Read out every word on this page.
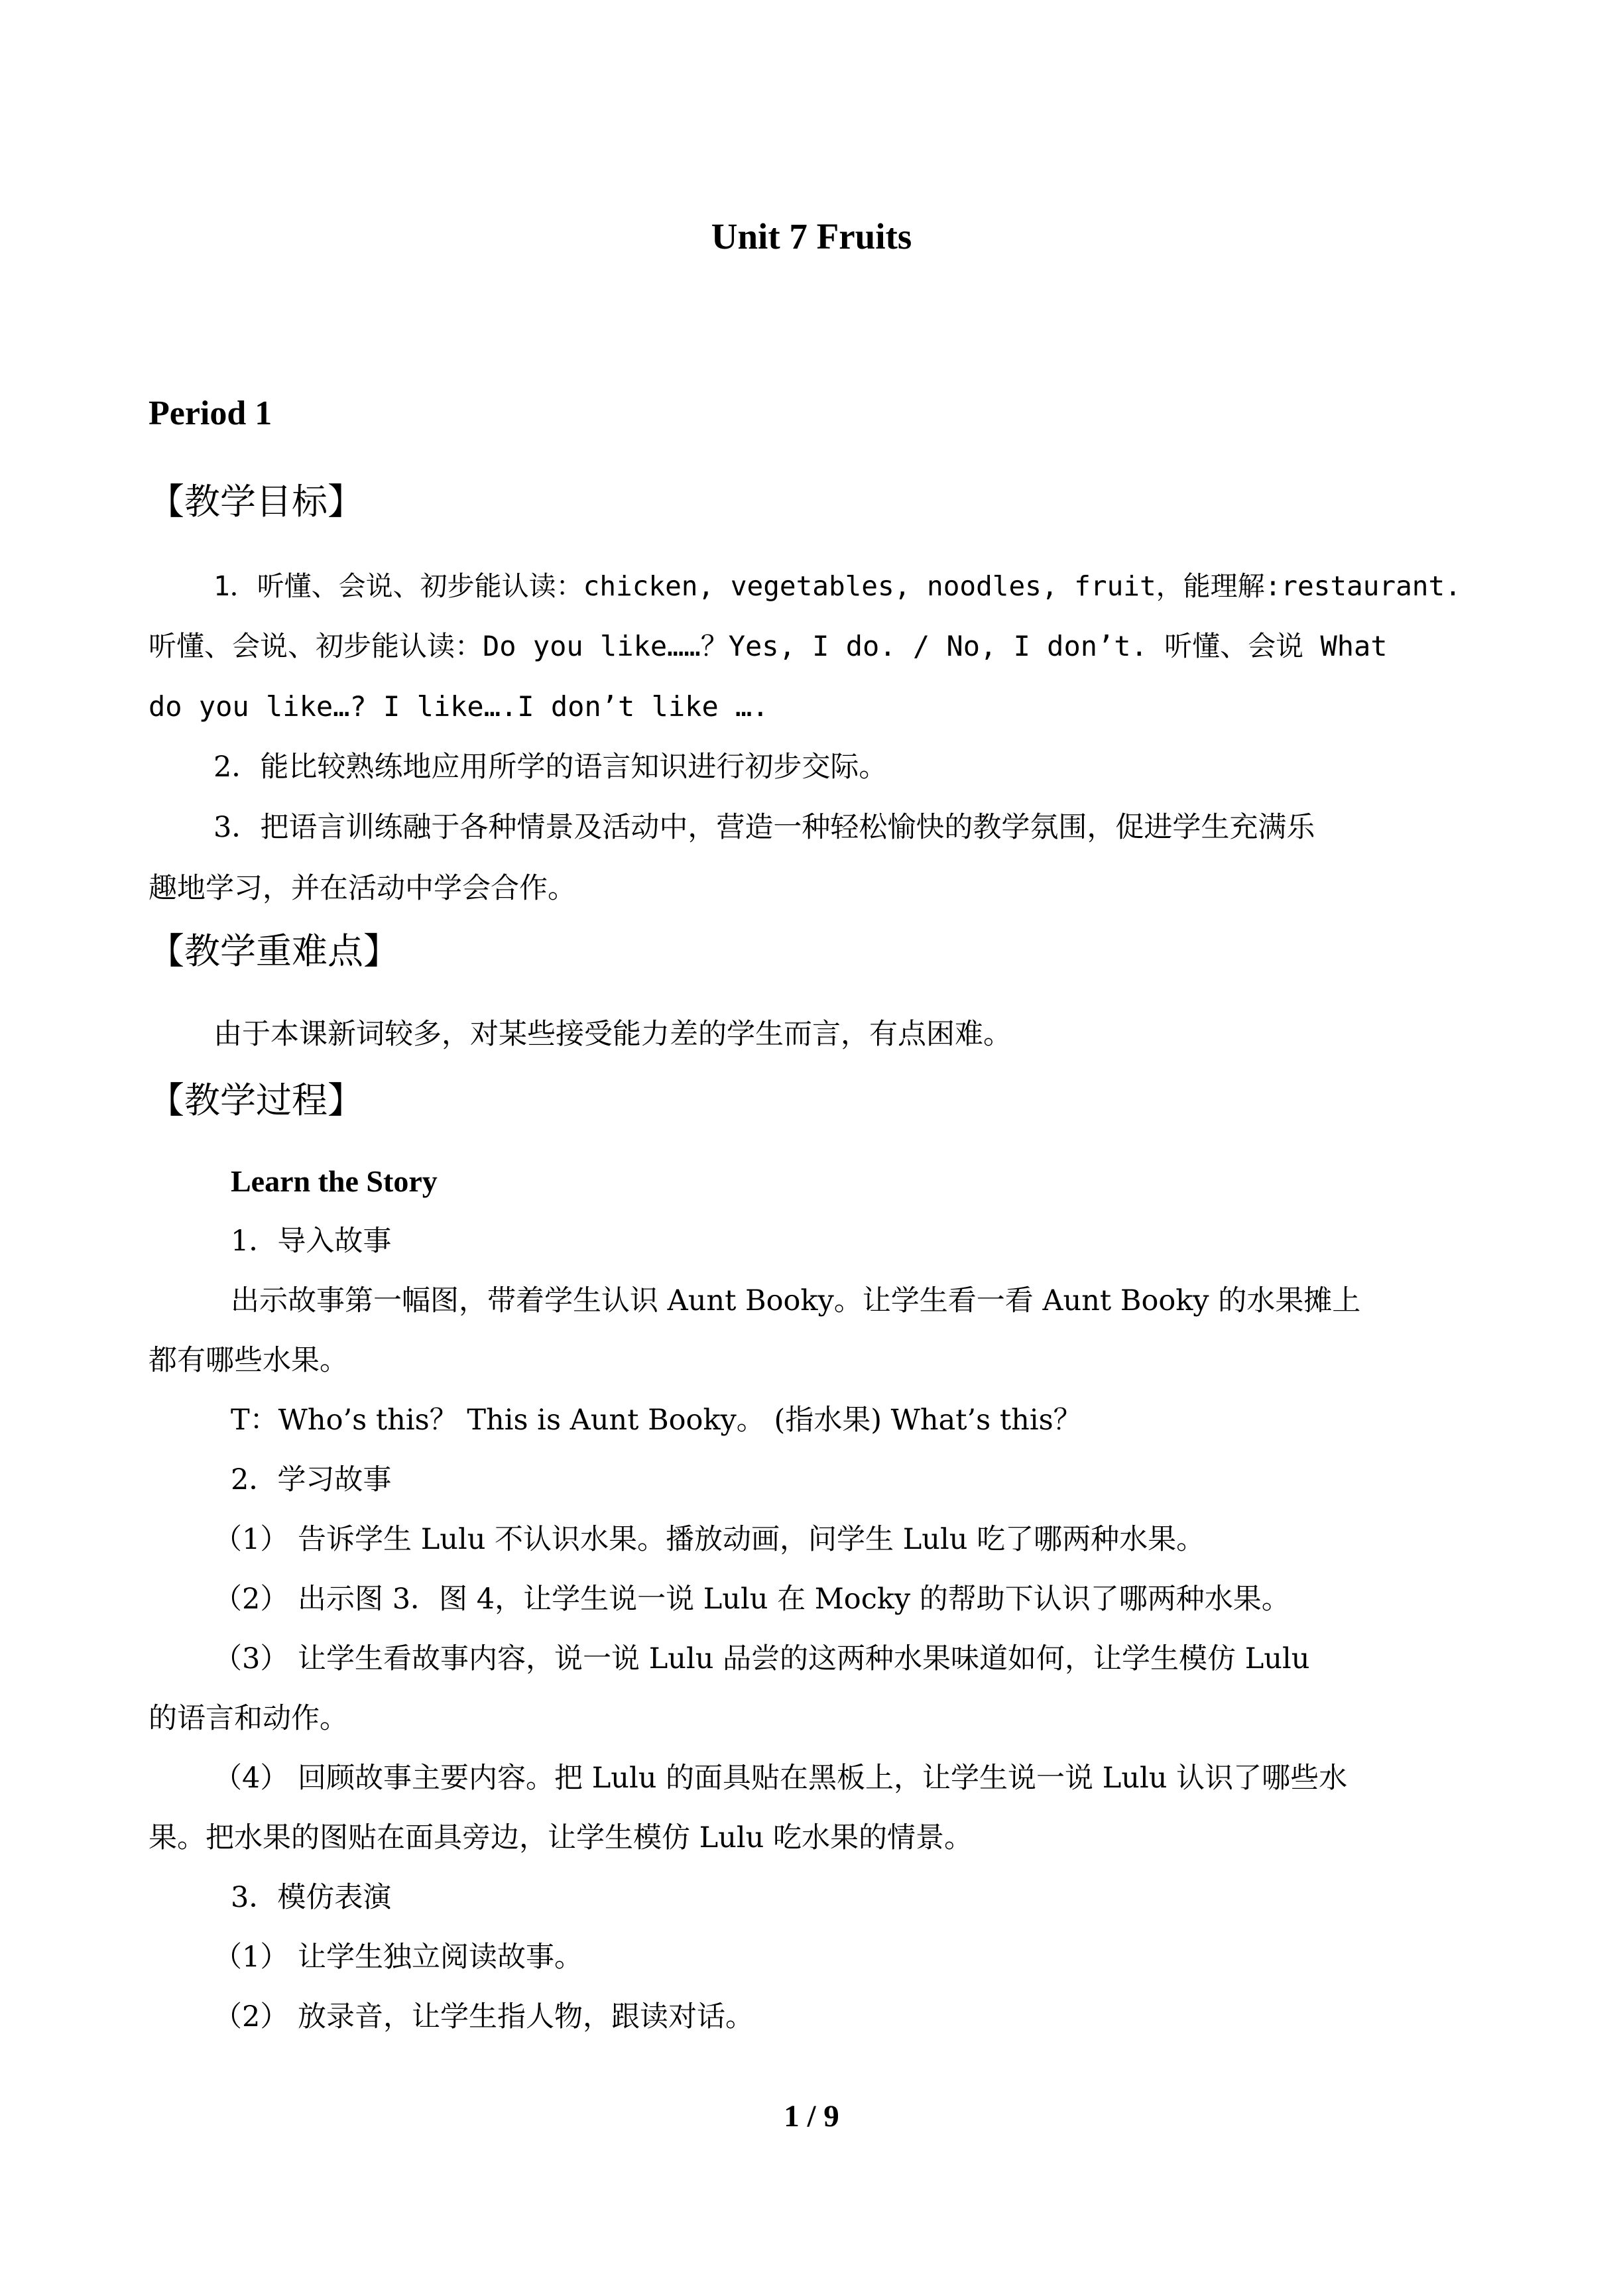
Unit 7 Fruits
Period 1
【教学目标】
1．听懂、会说、初步能认读：chicken, vegetables, noodles, fruit，能理解:restaurant.
听懂、会说、初步能认读：Do you like……？Yes, I do. / No, I don’t. 听懂、会说 What
do you like…? I like….I don’t like ….
2．能比较熟练地应用所学的语言知识进行初步交际。
3．把语言训练融于各种情景及活动中，营造一种轻松愉快的教学氛围，促进学生充满乐
趣地学习，并在活动中学会合作。
【教学重难点】
由于本课新词较多，对某些接受能力差的学生而言，有点困难。
【教学过程】
Learn the Story
1．导入故事
出示故事第一幅图，带着学生认识 Aunt Booky。让学生看一看 Aunt Booky 的水果摊上
都有哪些水果。
T：Who’s this？ This is Aunt Booky。 (指水果) What’s this？
2．学习故事
（1） 告诉学生 Lulu 不认识水果。播放动画，问学生 Lulu 吃了哪两种水果。
（2） 出示图 3．图 4，让学生说一说 Lulu 在 Mocky 的帮助下认识了哪两种水果。
（3） 让学生看故事内容，说一说 Lulu 品尝的这两种水果味道如何，让学生模仿 Lulu
的语言和动作。
（4） 回顾故事主要内容。把 Lulu 的面具贴在黑板上，让学生说一说 Lulu 认识了哪些水
果。把水果的图贴在面具旁边，让学生模仿 Lulu 吃水果的情景。
3．模仿表演
（1） 让学生独立阅读故事。
（2） 放录音，让学生指人物，跟读对话。
1 / 9
